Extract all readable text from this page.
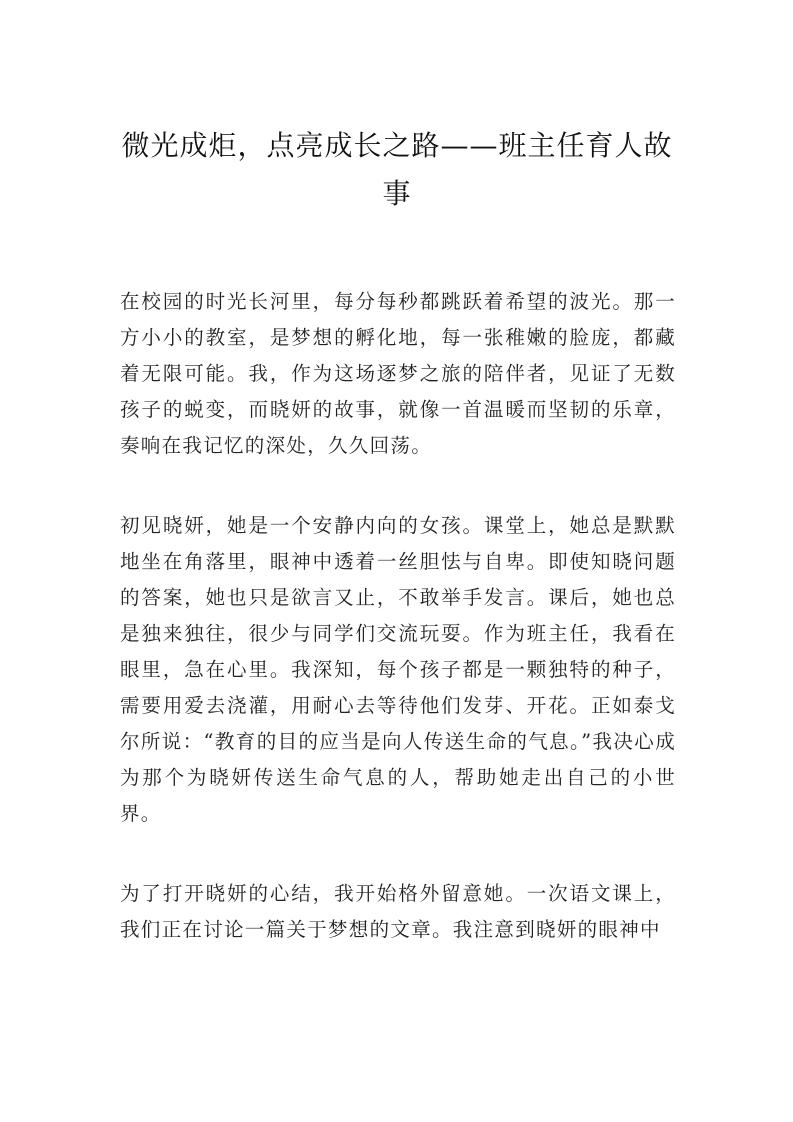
微光成炬，点亮成长之路——班主任育人故事

在校园的时光长河里，每分每秒都跳跃着希望的波光。那一方小小的教室，是梦想的孵化地，每一张稚嫩的脸庞，都藏着无限可能。我，作为这场逐梦之旅的陪伴者，见证了无数孩子的蜕变，而晓妍的故事，就像一首温暖而坚韧的乐章，奏响在我记忆的深处，久久回荡。

初见晓妍，她是一个安静内向的女孩。课堂上，她总是默默地坐在角落里，眼神中透着一丝胆怯与自卑。即使知晓问题的答案，她也只是欲言又止，不敢举手发言。课后，她也总是独来独往，很少与同学们交流玩耍。作为班主任，我看在眼里，急在心里。我深知，每个孩子都是一颗独特的种子，需要用爱去浇灌，用耐心去等待他们发芽、开花。正如泰戈尔所说：“教育的目的应当是向人传送生命的气息。”我决心成为那个为晓妍传送生命气息的人，帮助她走出自己的小世界。

为了打开晓妍的心结，我开始格外留意她。一次语文课上，我们正在讨论一篇关于梦想的文章。我注意到晓妍的眼神中
